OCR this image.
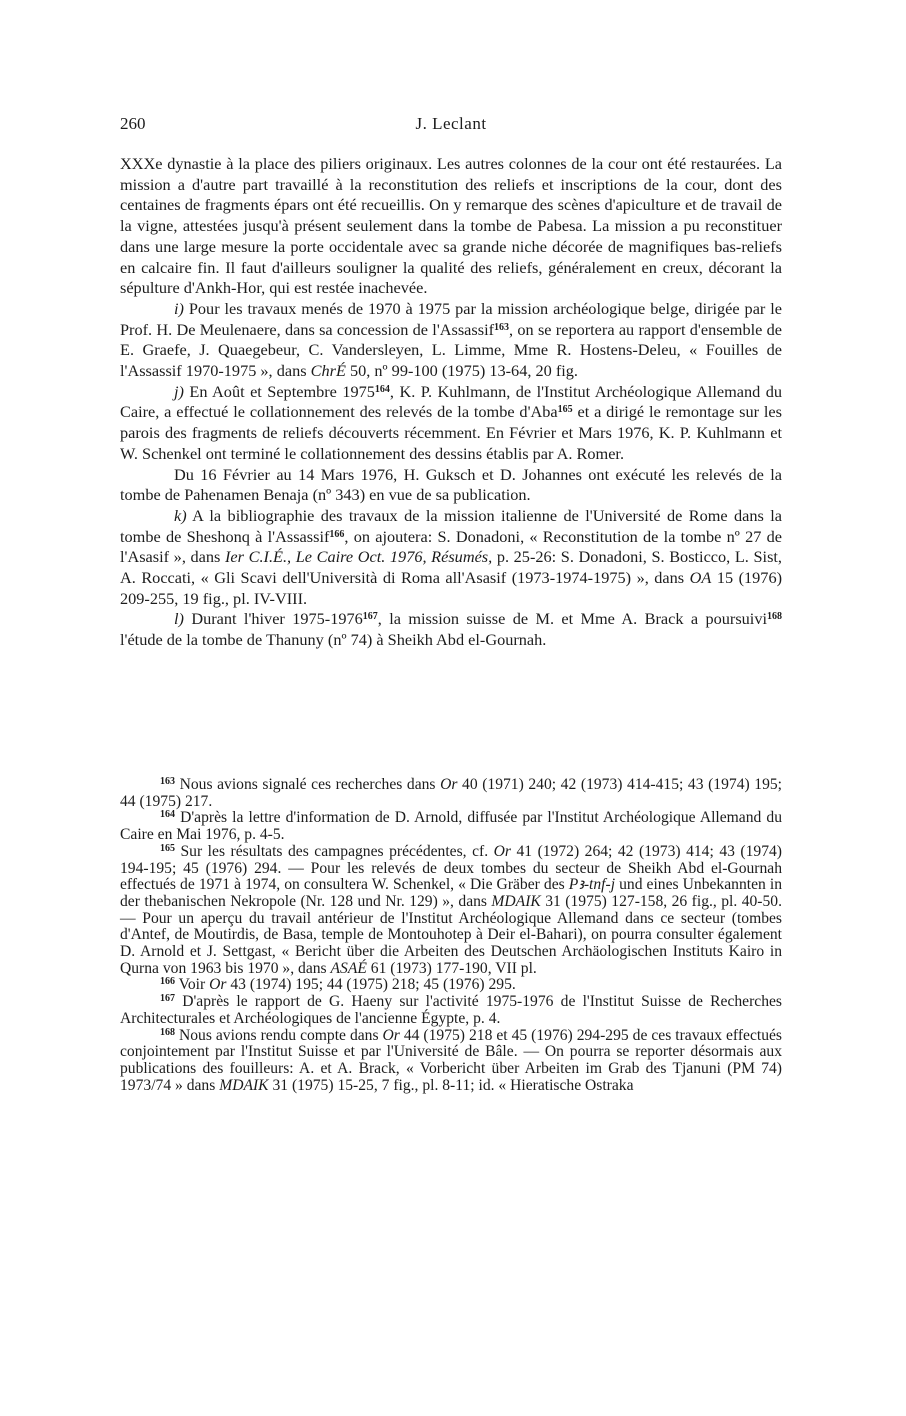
260	J. Leclant

XXXe dynastie à la place des piliers originaux. Les autres colonnes de la cour ont été restaurées. La mission a d'autre part travaillé à la reconstitution des reliefs et inscriptions de la cour, dont des centaines de fragments épars ont été recueillis. On y remarque des scènes d'apiculture et de travail de la vigne, attestées jusqu'à présent seulement dans la tombe de Pabesa. La mission a pu reconstituer dans une large mesure la porte occidentale avec sa grande niche décorée de magnifiques bas-reliefs en calcaire fin. Il faut d'ailleurs souligner la qualité des reliefs, généralement en creux, décorant la sépulture d'Ankh-Hor, qui est restée inachevée.

i) Pour les travaux menés de 1970 à 1975 par la mission archéologique belge, dirigée par le Prof. H. De Meulenaere, dans sa concession de l'Assassif$^{163}$, on se reportera au rapport d'ensemble de E. Graefe, J. Quaegebeur, C. Vandersleyen, L. Limme, Mme R. Hostens-Deleu, « Fouilles de l'Assassif 1970-1975 », dans ChrÉ 50, nº 99-100 (1975) 13-64, 20 fig.

j) En Août et Septembre 1975$^{164}$, K. P. Kuhlmann, de l'Institut Archéologique Allemand du Caire, a effectué le collationnement des relevés de la tombe d'Aba$^{165}$ et a dirigé le remontage sur les parois des fragments de reliefs découverts récemment. En Février et Mars 1976, K. P. Kuhlmann et W. Schenkel ont terminé le collationnement des dessins établis par A. Romer.

Du 16 Février au 14 Mars 1976, H. Guksch et D. Johannes ont exécuté les relevés de la tombe de Pahenamen Benaja (nº 343) en vue de sa publication.

k) A la bibliographie des travaux de la mission italienne de l'Université de Rome dans la tombe de Sheshonq à l'Assassif$^{166}$, on ajoutera: S. Donadoni, « Reconstitution de la tombe nº 27 de l'Asasif », dans Ier C.I.É., Le Caire Oct. 1976, Résumés, p. 25-26: S. Donadoni, S. Bosticco, L. Sist, A. Roccati, « Gli Scavi dell'Università di Roma all'Asasif (1973-1974-1975) », dans OA 15 (1976) 209-255, 19 fig., pl. IV-VIII.

l) Durant l'hiver 1975-1976$^{167}$, la mission suisse de M. et Mme A. Brack a poursuivi$^{168}$ l'étude de la tombe de Thanuny (nº 74) à Sheikh Abd el-Gournah.

$^{163}$ Nous avions signalé ces recherches dans Or 40 (1971) 240; 42 (1973) 414-415; 43 (1974) 195; 44 (1975) 217.

$^{164}$ D'après la lettre d'information de D. Arnold, diffusée par l'Institut Archéologique Allemand du Caire en Mai 1976, p. 4-5.

$^{165}$ Sur les résultats des campagnes précédentes, cf. Or 41 (1972) 264; 42 (1973) 414; 43 (1974) 194-195; 45 (1976) 294. — Pour les relevés de deux tombes du secteur de Sheikh Abd el-Gournah effectués de 1971 à 1974, on consultera W. Schenkel, « Die Gräber des Pꜣ-tnf-j und eines Unbekannten in der thebanischen Nekropole (Nr. 128 und Nr. 129) », dans MDAIK 31 (1975) 127-158, 26 fig., pl. 40-50. — Pour un aperçu du travail antérieur de l'Institut Archéologique Allemand dans ce secteur (tombes d'Antef, de Moutirdis, de Basa, temple de Montouhotep à Deir el-Bahari), on pourra consulter également D. Arnold et J. Settgast, « Bericht über die Arbeiten des Deutschen Archäologischen Instituts Kairo in Qurna von 1963 bis 1970 », dans ASAÉ 61 (1973) 177-190, VII pl.

$^{166}$ Voir Or 43 (1974) 195; 44 (1975) 218; 45 (1976) 295.

$^{167}$ D'après le rapport de G. Haeny sur l'activité 1975-1976 de l'Institut Suisse de Recherches Architecturales et Archéologiques de l'ancienne Égypte, p. 4.

$^{168}$ Nous avions rendu compte dans Or 44 (1975) 218 et 45 (1976) 294-295 de ces travaux effectués conjointement par l'Institut Suisse et par l'Université de Bâle. — On pourra se reporter désormais aux publications des fouilleurs: A. et A. Brack, « Vorbericht über Arbeiten im Grab des Tjanuni (PM 74) 1973/74 » dans MDAIK 31 (1975) 15-25, 7 fig., pl. 8-11; id. « Hieratische Ostraka
